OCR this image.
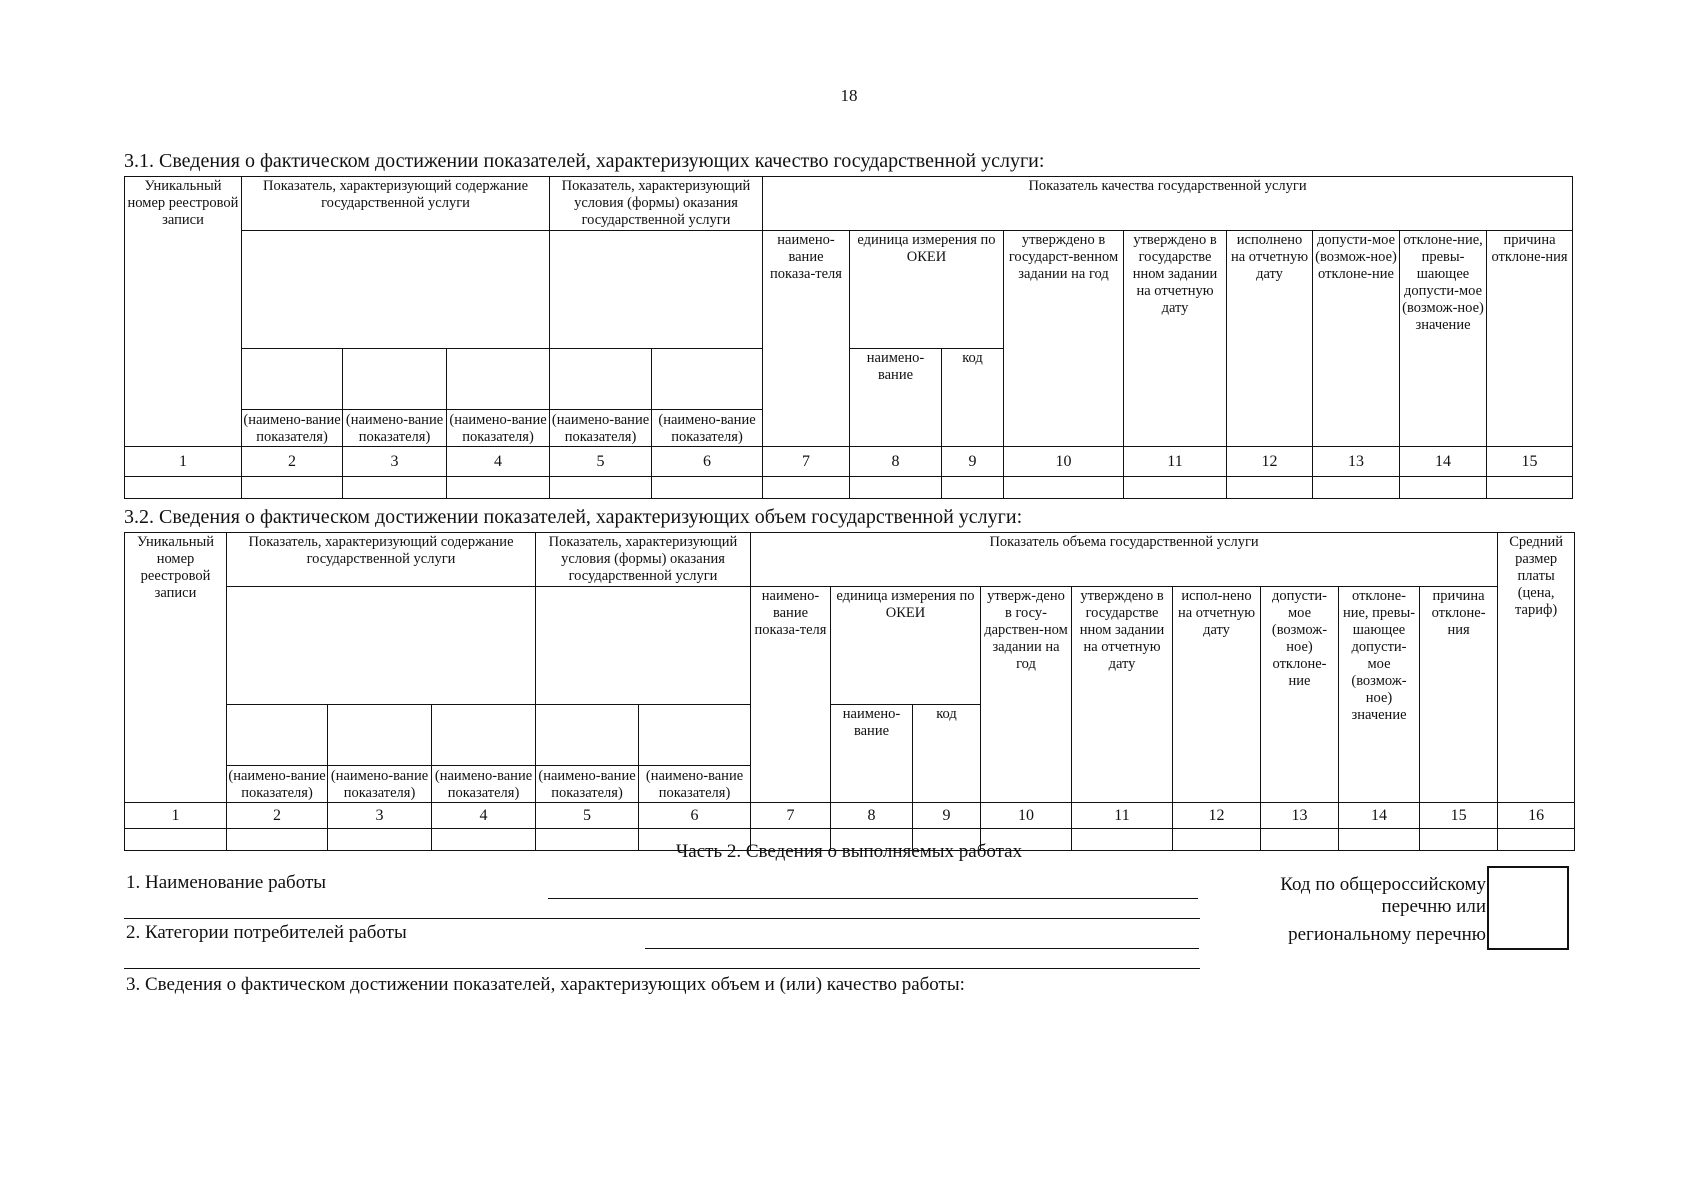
18
3.1. Сведения о фактическом достижении показателей, характеризующих качество государственной услуги:
Уникальный номер реестровой записи	Показатель, характеризующий содержание государственной услуги			Показатель, характеризующий условия (формы) оказания государственной услуги		Показатель качества государственной услуги								
						наимено-вание показа-теля	единица измерения по ОКЕИ		утверждено в государст-венном задании на год	утверждено в государстве нном задании на отчетную дату	исполнено на отчетную дату	допусти-мое (возмож-ное) отклоне-ние	отклоне-ние, превы-шающее допусти-мое (возмож-ное) значение	причина отклоне-ния

	(наимено-вание показателя)	(наимено-вание показателя)	(наимено-вание показателя)	(наимено-вание показателя)	(наимено-вание показателя)		наимено-вание	код						
1	2	3	4	5	6	7	8	9	10	11	12	13	14	15

3.2. Сведения о фактическом достижении показателей, характеризующих объем государственной услуги:
Уникальный номер реестровой записи	Показатель, характеризующий содержание государственной услуги			Показатель, характеризующий условия (формы) оказания государственной услуги		Показатель объема государственной услуги									Средний размер платы (цена, тариф)
						наимено-вание показа-теля	единица измерения по ОКЕИ		утверж-дено в госу-дарствен-ном задании на год	утверждено в государстве нном задании на отчетную дату	испол-нено на отчетную дату	допусти-мое (возмож-ное) отклоне-ние	отклоне-ние, превы-шающее допусти-мое (возмож-ное) значение	причина отклоне-ния	

	(наимено-вание показателя)	(наимено-вание показателя)	(наимено-вание показателя)	(наимено-вание показателя)	(наимено-вание показателя)		наимено-вание	код							
1	2	3	4	5	6	7	8	9	10	11	12	13	14	15	16

Часть 2. Сведения о выполняемых работах
1. Наименование работы
2. Категории потребителей работы
Код по общероссийскому
перечню или
региональному перечню
3. Сведения о фактическом достижении показателей, характеризующих объем и (или) качество работы:
